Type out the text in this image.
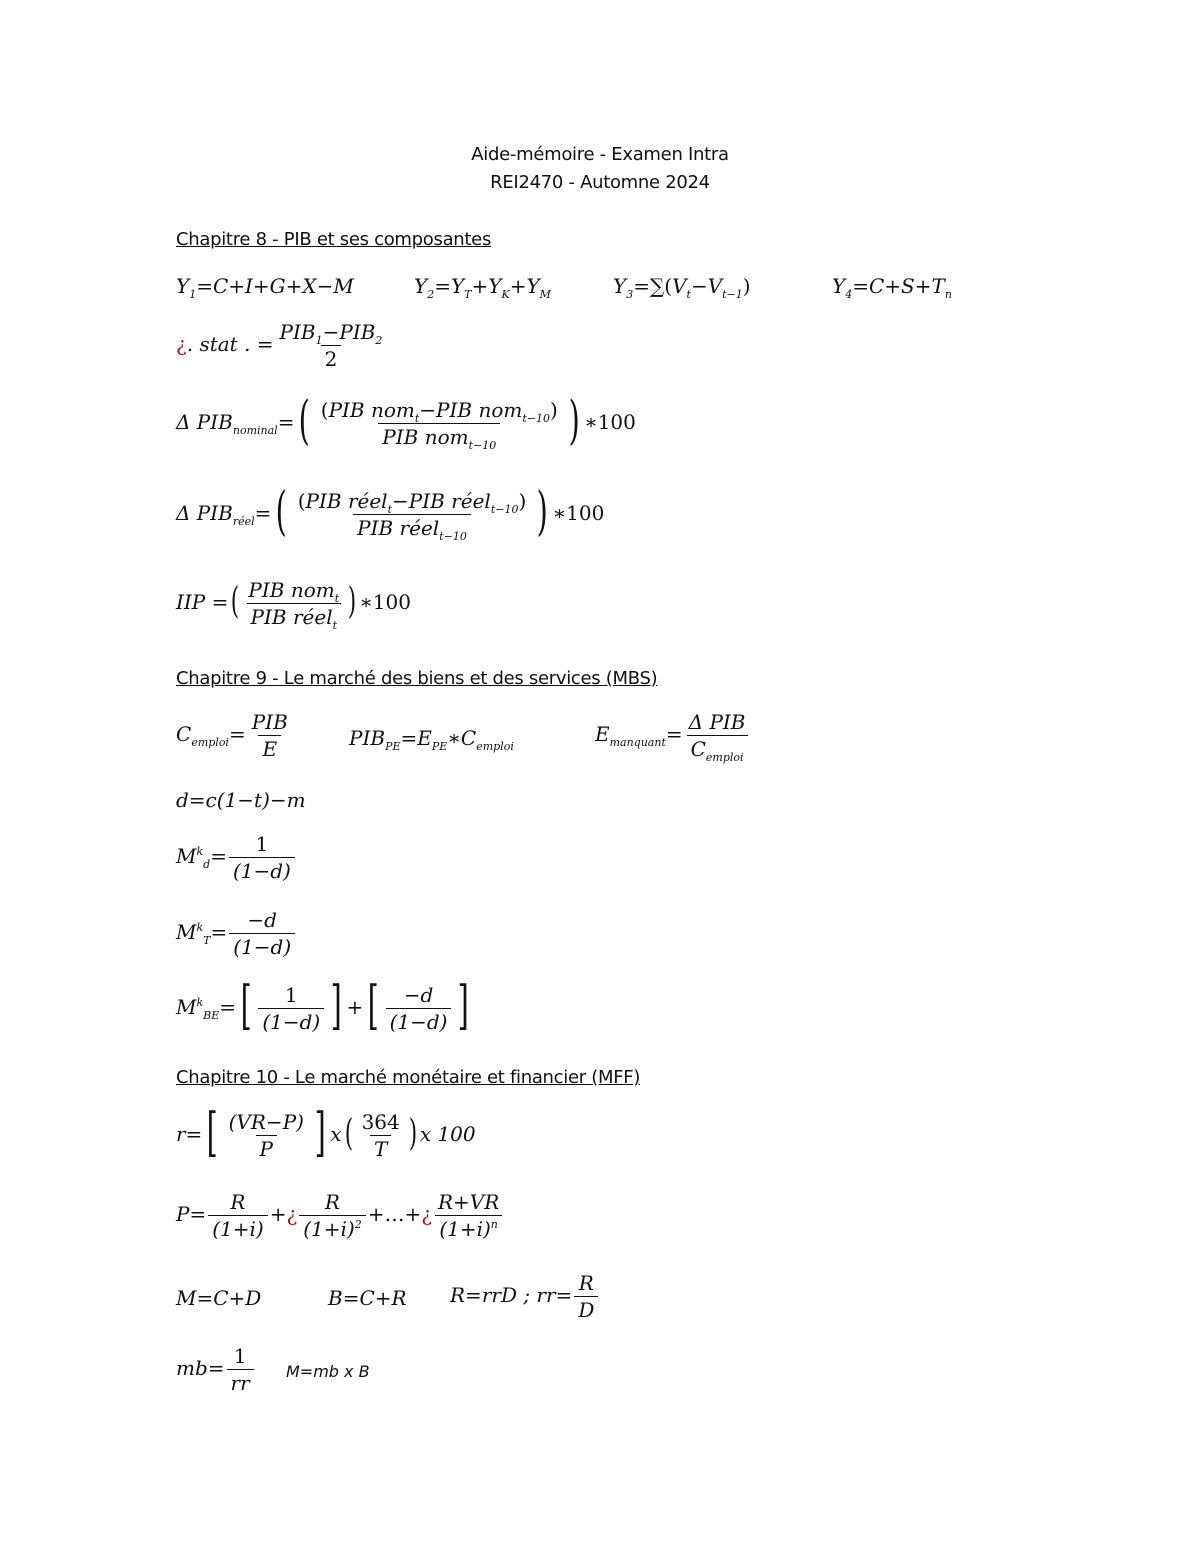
Aide-mémoire - Examen Intra
REI2470 - Automne 2024
Chapitre 8 - PIB et ses composantes
$Y_1=C+I+G+X-M$	$Y_2=Y_T+Y_K+Y_M$	$Y_3=\sum(V_t-V_{t-1})$	$Y_4=C+S+T_n$
¿. stat . = $\frac{PIB_1-PIB_2}{2}$
Δ $PIB_{nominal}=( \frac{(PIB nom_t-PIB nom_{t-10})}{PIB nom_{t-10}}$ ) ∗100
Δ $PIB_{réel}=( \frac{(PIB réel_t-PIB réel_{t-10})}{PIB réel_{t-10}}$ ) ∗100
IIP =( $\frac{PIB nom_t}{PIB réel_t}$ ) ∗100
Chapitre 9 - Le marché des biens et des services (MBS)
$C_{emploi}= \frac{\text{PIB}}{E}$	$PIB_{PE}=E_{PE}∗C_{emploi}$
$E_{manquant}= \frac{\text{Δ PIB}}{C_{emploi}}$
d=c(1−t)−m
$M^k_d= \frac{1}{(1-d)}$
$M^k_T= \frac{-d}{(1-d)}$
$M^k_{BE}=[ \frac{1}{(1-d)}$ ] +[ $\frac{-d}{(1-d)}$ ]
Chapitre 10 - Le marché monétaire et financier (MFF)
$r=[ \frac{(VR-P)}{P}$ ] $x( \frac{364}{T}$ ) x 100
$P= \frac{R}{(1+i)}$ +¿ $\frac{R}{(1+i)^2}$ +…+¿ $\frac{R+VR}{(1+i)^n}$
M=C+D	B=C+R R=rrD ; $rr= \frac{R}{D}$
$mb= \frac{1}{rr} M=mb$ x B
